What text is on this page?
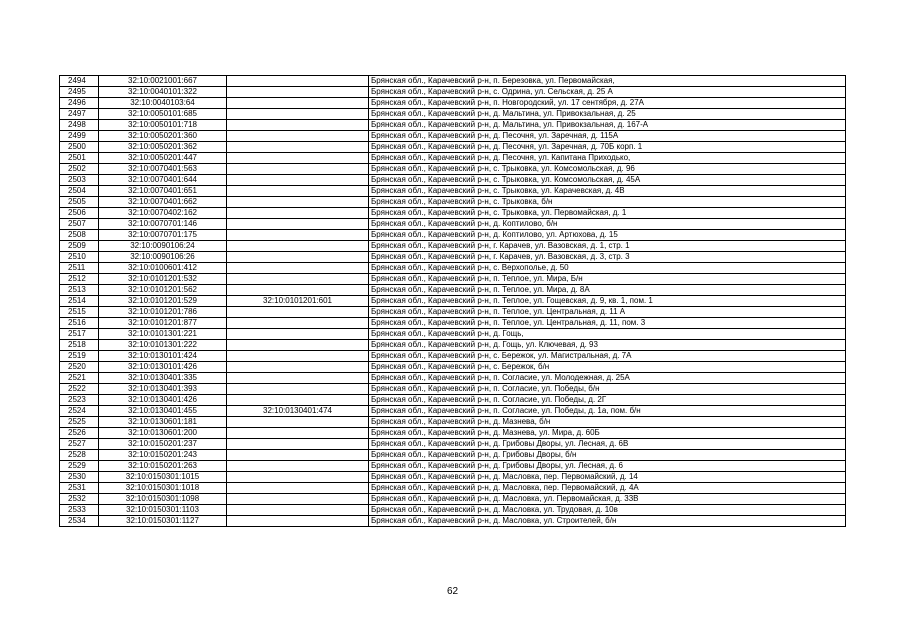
2494	32:10:0021001:667		Брянская обл., Карачевский р-н, п. Березовка, ул. Первомайская,
2495	32:10:0040101:322		Брянская обл., Карачевский р-н, с. Одрина, ул. Сельская, д. 25 А
2496	32:10:0040103:64		Брянская обл., Карачевский р-н, п. Новгородский, ул. 17 сентября, д. 27А
2497	32:10:0050101:685		Брянская обл., Карачевский р-н, д. Мальтина, ул. Привокзальная, д. 25
2498	32:10:0050101:718		Брянская обл., Карачевский р-н, д. Мальтина, ул. Привокзальная, д. 167-А
2499	32:10:0050201:360		Брянская обл., Карачевский р-н, д. Песочня, ул. Заречная, д. 115А
2500	32:10:0050201:362		Брянская обл., Карачевский р-н, д. Песочня, ул. Заречная, д. 70Б корп. 1
2501	32:10:0050201:447		Брянская обл., Карачевский р-н, д. Песочня, ул. Капитана Приходько,
2502	32:10:0070401:563		Брянская обл., Карачевский р-н, с. Трыковка, ул. Комсомольская, д. 96
2503	32:10:0070401:644		Брянская обл., Карачевский р-н, с. Трыковка, ул. Комсомольская, д. 45А
2504	32:10:0070401:651		Брянская обл., Карачевский р-н, с. Трыковка, ул. Карачевская, д. 4В
2505	32:10:0070401:662		Брянская обл., Карачевский р-н, с. Трыковка, б/н
2506	32:10:0070402:162		Брянская обл., Карачевский р-н, с. Трыковка, ул. Первомайская, д. 1
2507	32:10:0070701:146		Брянская обл., Карачевский р-н, д. Коптилово, б/н
2508	32:10:0070701:175		Брянская обл., Карачевский р-н, д. Коптилово, ул. Артюхова, д. 15
2509	32:10:0090106:24		Брянская обл., Карачевский р-н, г. Карачев, ул. Вазовская, д. 1, стр. 1
2510	32:10:0090106:26		Брянская обл., Карачевский р-н, г. Карачев, ул. Вазовская, д. 3, стр. 3
2511	32:10:0100601:412		Брянская обл., Карачевский р-н, с. Верхополье, д. 50
2512	32:10:0101201:532		Брянская обл., Карачевский р-н, п. Теплое, ул. Мира, Б/н
2513	32:10:0101201:562		Брянская обл., Карачевский р-н, п. Теплое, ул. Мира, д. 8А
2514	32:10:0101201:529	32:10:0101201:601	Брянская обл., Карачевский р-н, п. Теплое, ул. Гощевская, д. 9, кв. 1, пом. 1
2515	32:10:0101201:786		Брянская обл., Карачевский р-н, п. Теплое, ул. Центральная, д. 11 А
2516	32:10:0101201:877		Брянская обл., Карачевский р-н, п. Теплое, ул. Центральная, д. 11, пом. 3
2517	32:10:0101301:221		Брянская обл., Карачевский р-н, д. Гощь,
2518	32:10:0101301:222		Брянская обл., Карачевский р-н, д. Гощь, ул. Ключевая, д. 93
2519	32:10:0130101:424		Брянская обл., Карачевский р-н, с. Бережок, ул. Магистральная, д. 7А
2520	32:10:0130101:426		Брянская обл., Карачевский р-н, с. Бережок, б/н
2521	32:10:0130401:335		Брянская обл., Карачевский р-н, п. Согласие, ул. Молодежная, д. 25А
2522	32:10:0130401:393		Брянская обл., Карачевский р-н, п. Согласие, ул. Победы, б/н
2523	32:10:0130401:426		Брянская обл., Карачевский р-н, п. Согласие, ул. Победы, д. 2Г
2524	32:10:0130401:455	32:10:0130401:474	Брянская обл., Карачевский р-н, п. Согласие, ул. Победы, д. 1а, пом. б/н
2525	32:10:0130601:181		Брянская обл., Карачевский р-н, д. Мазнева, б/н
2526	32:10:0130601:200		Брянская обл., Карачевский р-н, д. Мазнева, ул. Мира, д. 60Б
2527	32:10:0150201:237		Брянская обл., Карачевский р-н, д. Грибовы Дворы, ул. Лесная, д. 6В
2528	32:10:0150201:243		Брянская обл., Карачевский р-н, д. Грибовы Дворы, б/н
2529	32:10:0150201:263		Брянская обл., Карачевский р-н, д. Грибовы Дворы, ул. Лесная, д. 6
2530	32:10:0150301:1015		Брянская обл., Карачевский р-н, д. Масловка, пер. Первомайский, д. 14
2531	32:10:0150301:1018		Брянская обл., Карачевский р-н, д. Масловка, пер. Первомайский, д. 4А
2532	32:10:0150301:1098		Брянская обл., Карачевский р-н, д. Масловка, ул. Первомайская, д. 33В
2533	32:10:0150301:1103		Брянская обл., Карачевский р-н, д. Масловка, ул. Трудовая, д. 10в
2534	32:10:0150301:1127		Брянская обл., Карачевский р-н, д. Масловка, ул. Строителей, б/н
62
